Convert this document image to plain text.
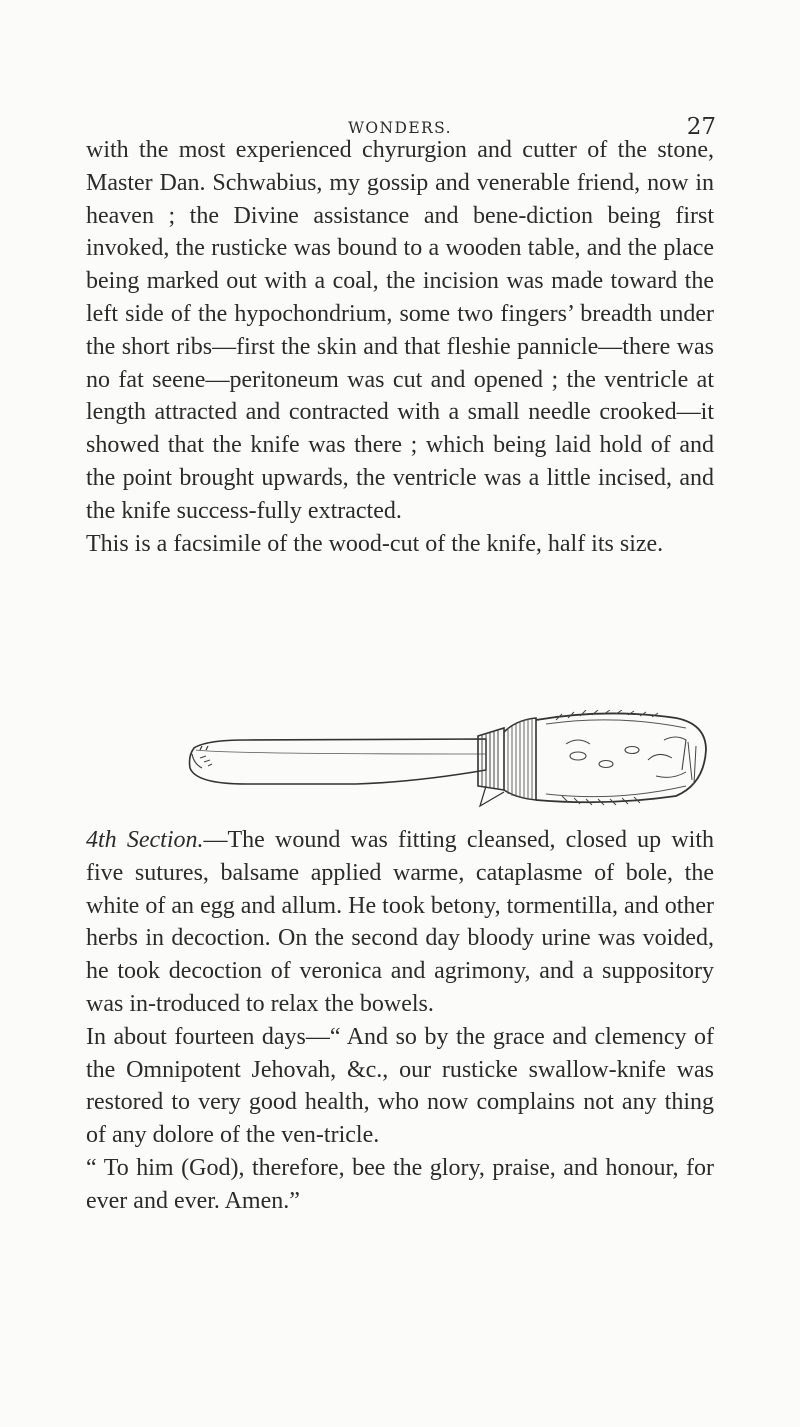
WONDERS.	27

with the most experienced chyrurgion and cutter of the stone, Master Dan. Schwabius, my gossip and venerable friend, now in heaven ; the Divine assistance and bene-diction being first invoked, the rusticke was bound to a wooden table, and the place being marked out with a coal, the incision was made toward the left side of the hypochondrium, some two fingers’ breadth under the short ribs—first the skin and that fleshie pannicle—there was no fat seene—peritoneum was cut and opened ; the ventricle at length attracted and contracted with a small needle crooked—it showed that the knife was there ; which being laid hold of and the point brought upwards, the ventricle was a little incised, and the knife success-fully extracted.

This is a facsimile of the wood-cut of the knife, half its size.

4th Section.—The wound was fitting cleansed, closed up with five sutures, balsame applied warme, cataplasme of bole, the white of an egg and allum. He took betony, tormentilla, and other herbs in decoction. On the second day bloody urine was voided, he took decoction of veronica and agrimony, and a suppository was in-troduced to relax the bowels.

In about fourteen days—“ And so by the grace and clemency of the Omnipotent Jehovah, &c., our rusticke swallow-knife was restored to very good health, who now complains not any thing of any dolore of the ven-tricle.

“ To him (God), therefore, bee the glory, praise, and honour, for ever and ever. Amen.”
